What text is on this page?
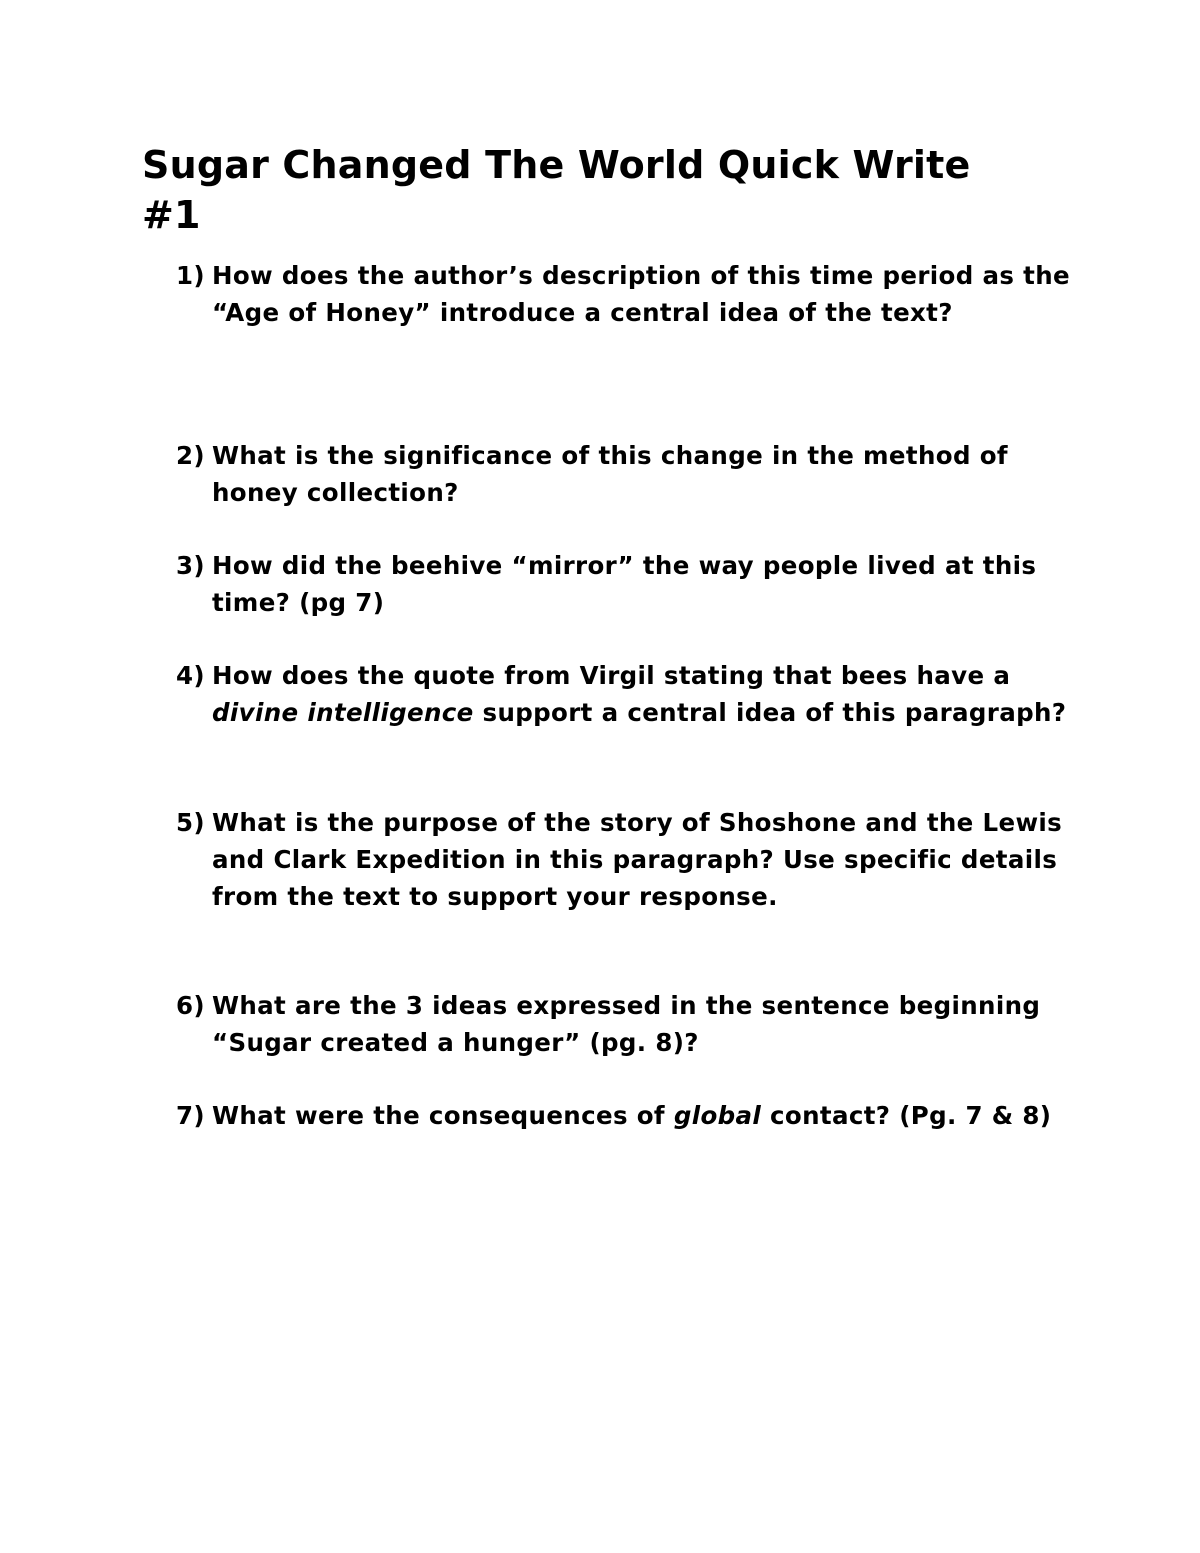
Sugar Changed The World Quick Write
#1
1) How does the author’s description of this time period as the “Age of Honey” introduce a central idea of the text?
2) What is the significance of this change in the method of honey collection?
3) How did the beehive “mirror” the way people lived at this time? (pg 7)
4) How does the quote from Virgil stating that bees have a divine intelligence support a central idea of this paragraph?
5) What is the purpose of the story of Shoshone and the Lewis and Clark Expedition in this paragraph? Use specific details from the text to support your response.
6) What are the 3 ideas expressed in the sentence beginning “Sugar created a hunger” (pg. 8)?
7) What were the consequences of global contact? (Pg. 7 & 8)
